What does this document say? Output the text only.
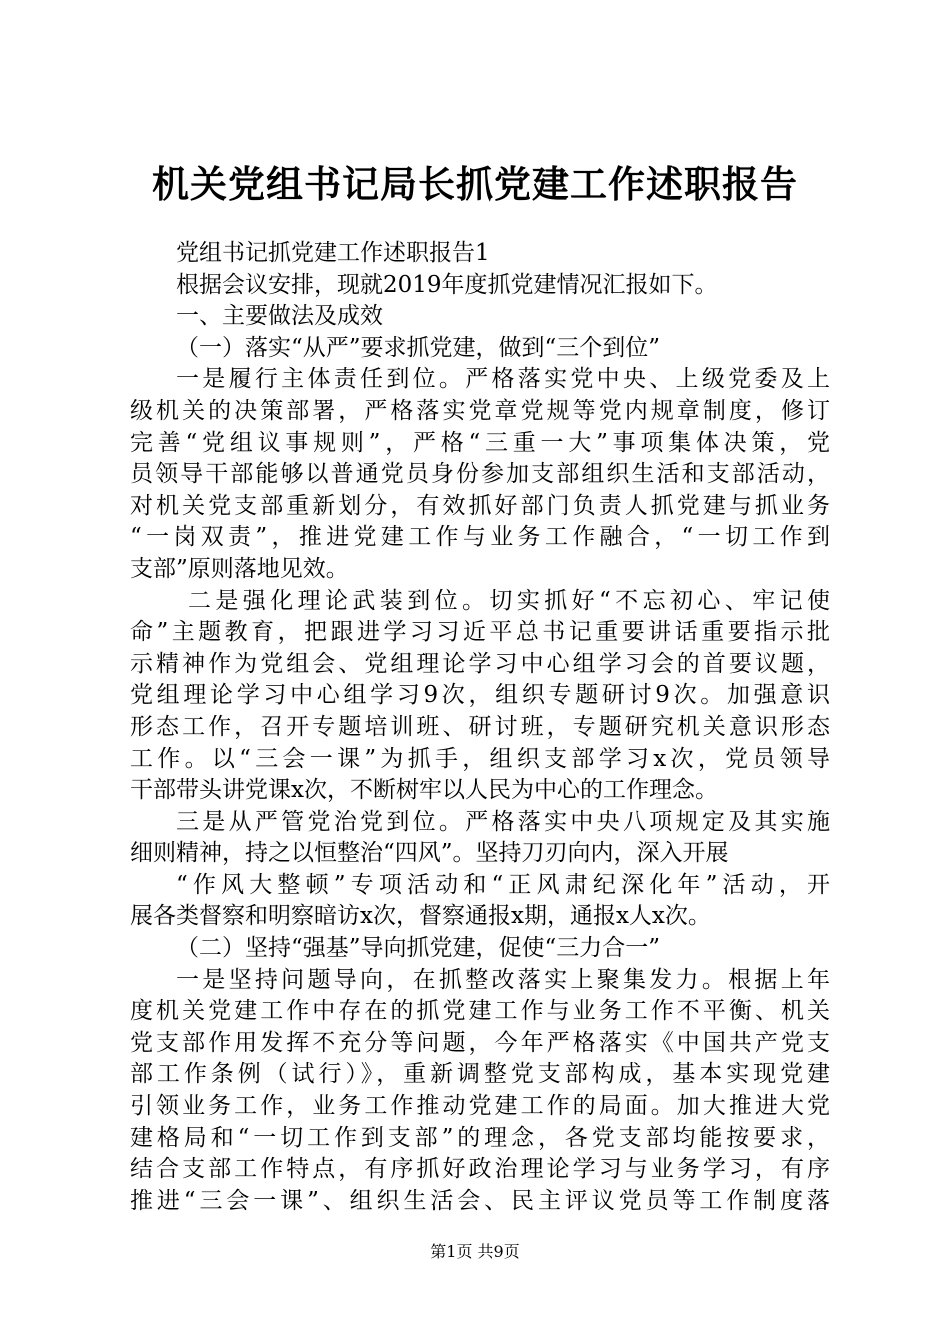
机关党组书记局长抓党建工作述职报告
党组书记抓党建工作述职报告1
根据会议安排，现就2019年度抓党建情况汇报如下。
一、主要做法及成效
（一）落实“从严”要求抓党建，做到“三个到位”
一是履行主体责任到位。严格落实党中央、上级党委及上
级机关的决策部署，严格落实党章党规等党内规章制度，修订
完善“党组议事规则”，严格“三重一大”事项集体决策，党
员领导干部能够以普通党员身份参加支部组织生活和支部活动，
对机关党支部重新划分，有效抓好部门负责人抓党建与抓业务
“一岗双责”，推进党建工作与业务工作融合，“一切工作到
支部”原则落地见效。
二是强化理论武装到位。切实抓好“不忘初心、牢记使
命”主题教育，把跟进学习习近平总书记重要讲话重要指示批
示精神作为党组会、党组理论学习中心组学习会的首要议题，
党组理论学习中心组学习9次，组织专题研讨9次。加强意识
形态工作，召开专题培训班、研讨班，专题研究机关意识形态
工作。以“三会一课”为抓手，组织支部学习x次，党员领导
干部带头讲党课x次，不断树牢以人民为中心的工作理念。
三是从严管党治党到位。严格落实中央八项规定及其实施
细则精神，持之以恒整治“四风”。坚持刀刃向内，深入开展
“作风大整顿”专项活动和“正风肃纪深化年”活动，开
展各类督察和明察暗访x次，督察通报x期，通报x人x次。
（二）坚持“强基”导向抓党建，促使“三力合一”
一是坚持问题导向，在抓整改落实上聚集发力。根据上年
度机关党建工作中存在的抓党建工作与业务工作不平衡、机关
党支部作用发挥不充分等问题，今年严格落实《中国共产党支
部工作条例（试行）》，重新调整党支部构成，基本实现党建
引领业务工作，业务工作推动党建工作的局面。加大推进大党
建格局和“一切工作到支部”的理念，各党支部均能按要求，
结合支部工作特点，有序抓好政治理论学习与业务学习，有序
推进“三会一课”、组织生活会、民主评议党员等工作制度落
第1页 共9页
